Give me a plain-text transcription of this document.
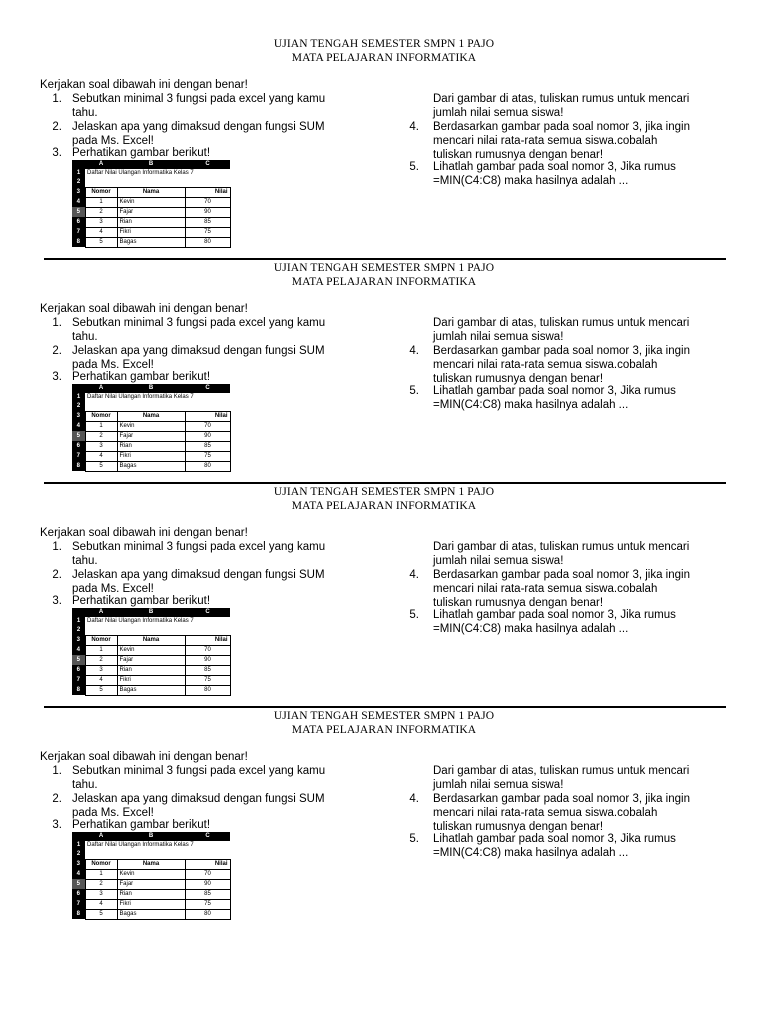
UJIAN TENGAH SEMESTER SMPN 1 PAJO
MATA PELAJARAN INFORMATIKA
Kerjakan soal dibawah ini dengan benar!
1. Sebutkan minimal 3 fungsi pada excel yang kamu
tahu.
2. Jelaskan apa yang dimaksud dengan fungsi SUM
pada Ms. Excel!
3. Perhatikan gambar berikut!
	A	B	C
1	Daftar Nilai Ulangan Informatika Kelas 7		
2			
3	Nomor	Nama	Nilai
4	1	Kevin	70
5	2	Fajar	90
6	3	Rian	85
7	4	Fikri	75
8	5	Bagas	80
Dari gambar di atas, tuliskan rumus untuk mencari
jumlah nilai semua siswa!
4. Berdasarkan gambar pada soal nomor 3, jika ingin
mencari nilai rata-rata semua siswa.cobalah
tuliskan rumusnya dengan benar!
5. Lihatlah gambar pada soal nomor 3, Jika rumus
=MIN(C4:C8) maka hasilnya adalah ...
UJIAN TENGAH SEMESTER SMPN 1 PAJO
MATA PELAJARAN INFORMATIKA
Kerjakan soal dibawah ini dengan benar!
1. Sebutkan minimal 3 fungsi pada excel yang kamu
tahu.
2. Jelaskan apa yang dimaksud dengan fungsi SUM
pada Ms. Excel!
3. Perhatikan gambar berikut!
	A	B	C
1	Daftar Nilai Ulangan Informatika Kelas 7		
2			
3	Nomor	Nama	Nilai
4	1	Kevin	70
5	2	Fajar	90
6	3	Rian	85
7	4	Fikri	75
8	5	Bagas	80
Dari gambar di atas, tuliskan rumus untuk mencari
jumlah nilai semua siswa!
4. Berdasarkan gambar pada soal nomor 3, jika ingin
mencari nilai rata-rata semua siswa.cobalah
tuliskan rumusnya dengan benar!
5. Lihatlah gambar pada soal nomor 3, Jika rumus
=MIN(C4:C8) maka hasilnya adalah ...
UJIAN TENGAH SEMESTER SMPN 1 PAJO
MATA PELAJARAN INFORMATIKA
Kerjakan soal dibawah ini dengan benar!
1. Sebutkan minimal 3 fungsi pada excel yang kamu
tahu.
2. Jelaskan apa yang dimaksud dengan fungsi SUM
pada Ms. Excel!
3. Perhatikan gambar berikut!
	A	B	C
1	Daftar Nilai Ulangan Informatika Kelas 7		
2			
3	Nomor	Nama	Nilai
4	1	Kevin	70
5	2	Fajar	90
6	3	Rian	85
7	4	Fikri	75
8	5	Bagas	80
Dari gambar di atas, tuliskan rumus untuk mencari
jumlah nilai semua siswa!
4. Berdasarkan gambar pada soal nomor 3, jika ingin
mencari nilai rata-rata semua siswa.cobalah
tuliskan rumusnya dengan benar!
5. Lihatlah gambar pada soal nomor 3, Jika rumus
=MIN(C4:C8) maka hasilnya adalah ...
UJIAN TENGAH SEMESTER SMPN 1 PAJO
MATA PELAJARAN INFORMATIKA
Kerjakan soal dibawah ini dengan benar!
1. Sebutkan minimal 3 fungsi pada excel yang kamu
tahu.
2. Jelaskan apa yang dimaksud dengan fungsi SUM
pada Ms. Excel!
3. Perhatikan gambar berikut!
	A	B	C
1	Daftar Nilai Ulangan Informatika Kelas 7		
2			
3	Nomor	Nama	Nilai
4	1	Kevin	70
5	2	Fajar	90
6	3	Rian	85
7	4	Fikri	75
8	5	Bagas	80
Dari gambar di atas, tuliskan rumus untuk mencari
jumlah nilai semua siswa!
4. Berdasarkan gambar pada soal nomor 3, jika ingin
mencari nilai rata-rata semua siswa.cobalah
tuliskan rumusnya dengan benar!
5. Lihatlah gambar pada soal nomor 3, Jika rumus
=MIN(C4:C8) maka hasilnya adalah ...
